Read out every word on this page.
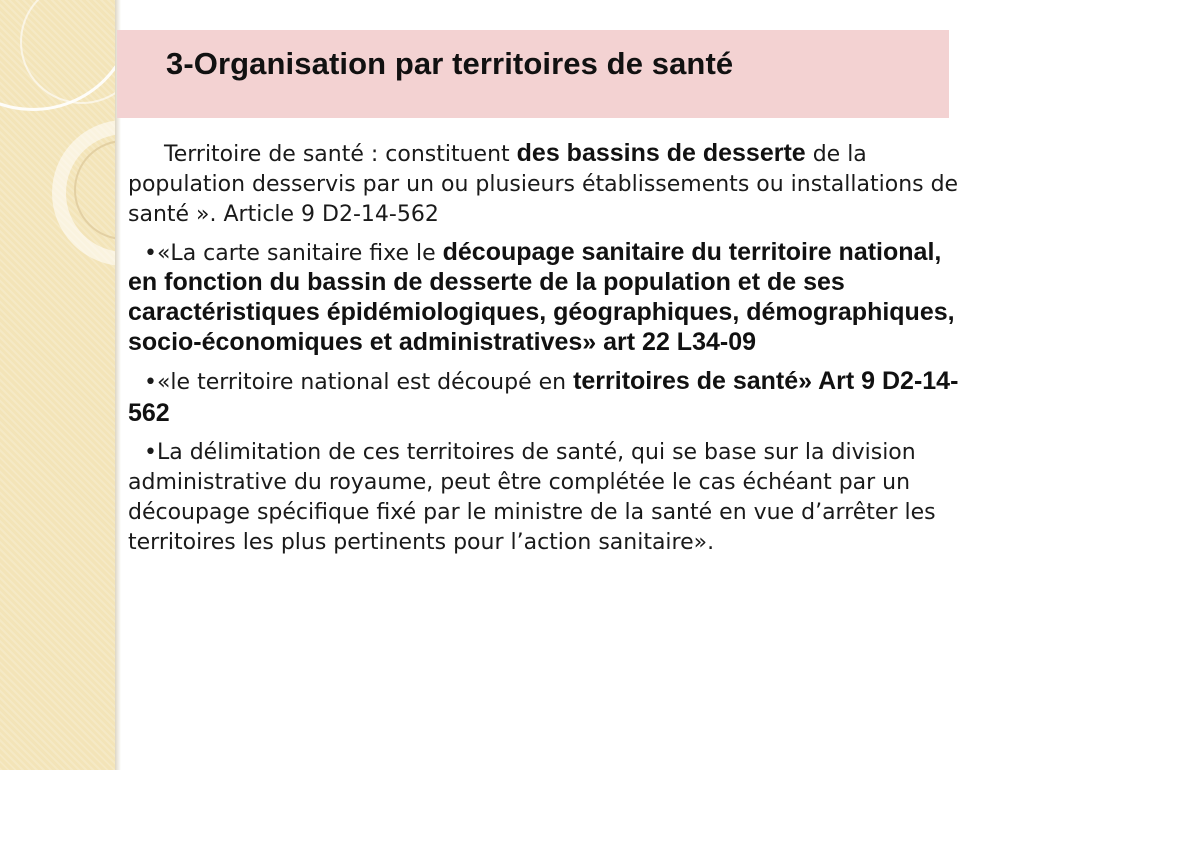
3-Organisation par territoires de santé

Territoire de santé : constituent des bassins de desserte de la population desservis par un ou plusieurs établissements ou installations de santé ». Article 9 D2-14-562

•«La carte sanitaire fixe le découpage sanitaire du territoire national, en fonction du bassin de desserte de la population et de ses caractéristiques épidémiologiques, géographiques, démographiques, socio-économiques et administratives» art 22 L34-09

•«le territoire national est découpé en territoires de santé» Art 9 D2-14-562

•La délimitation de ces territoires de santé, qui se base sur la division administrative du royaume, peut être complétée le cas échéant par un découpage spécifique fixé par le ministre de la santé en vue d’arrêter les territoires les plus pertinents pour l’action sanitaire».
